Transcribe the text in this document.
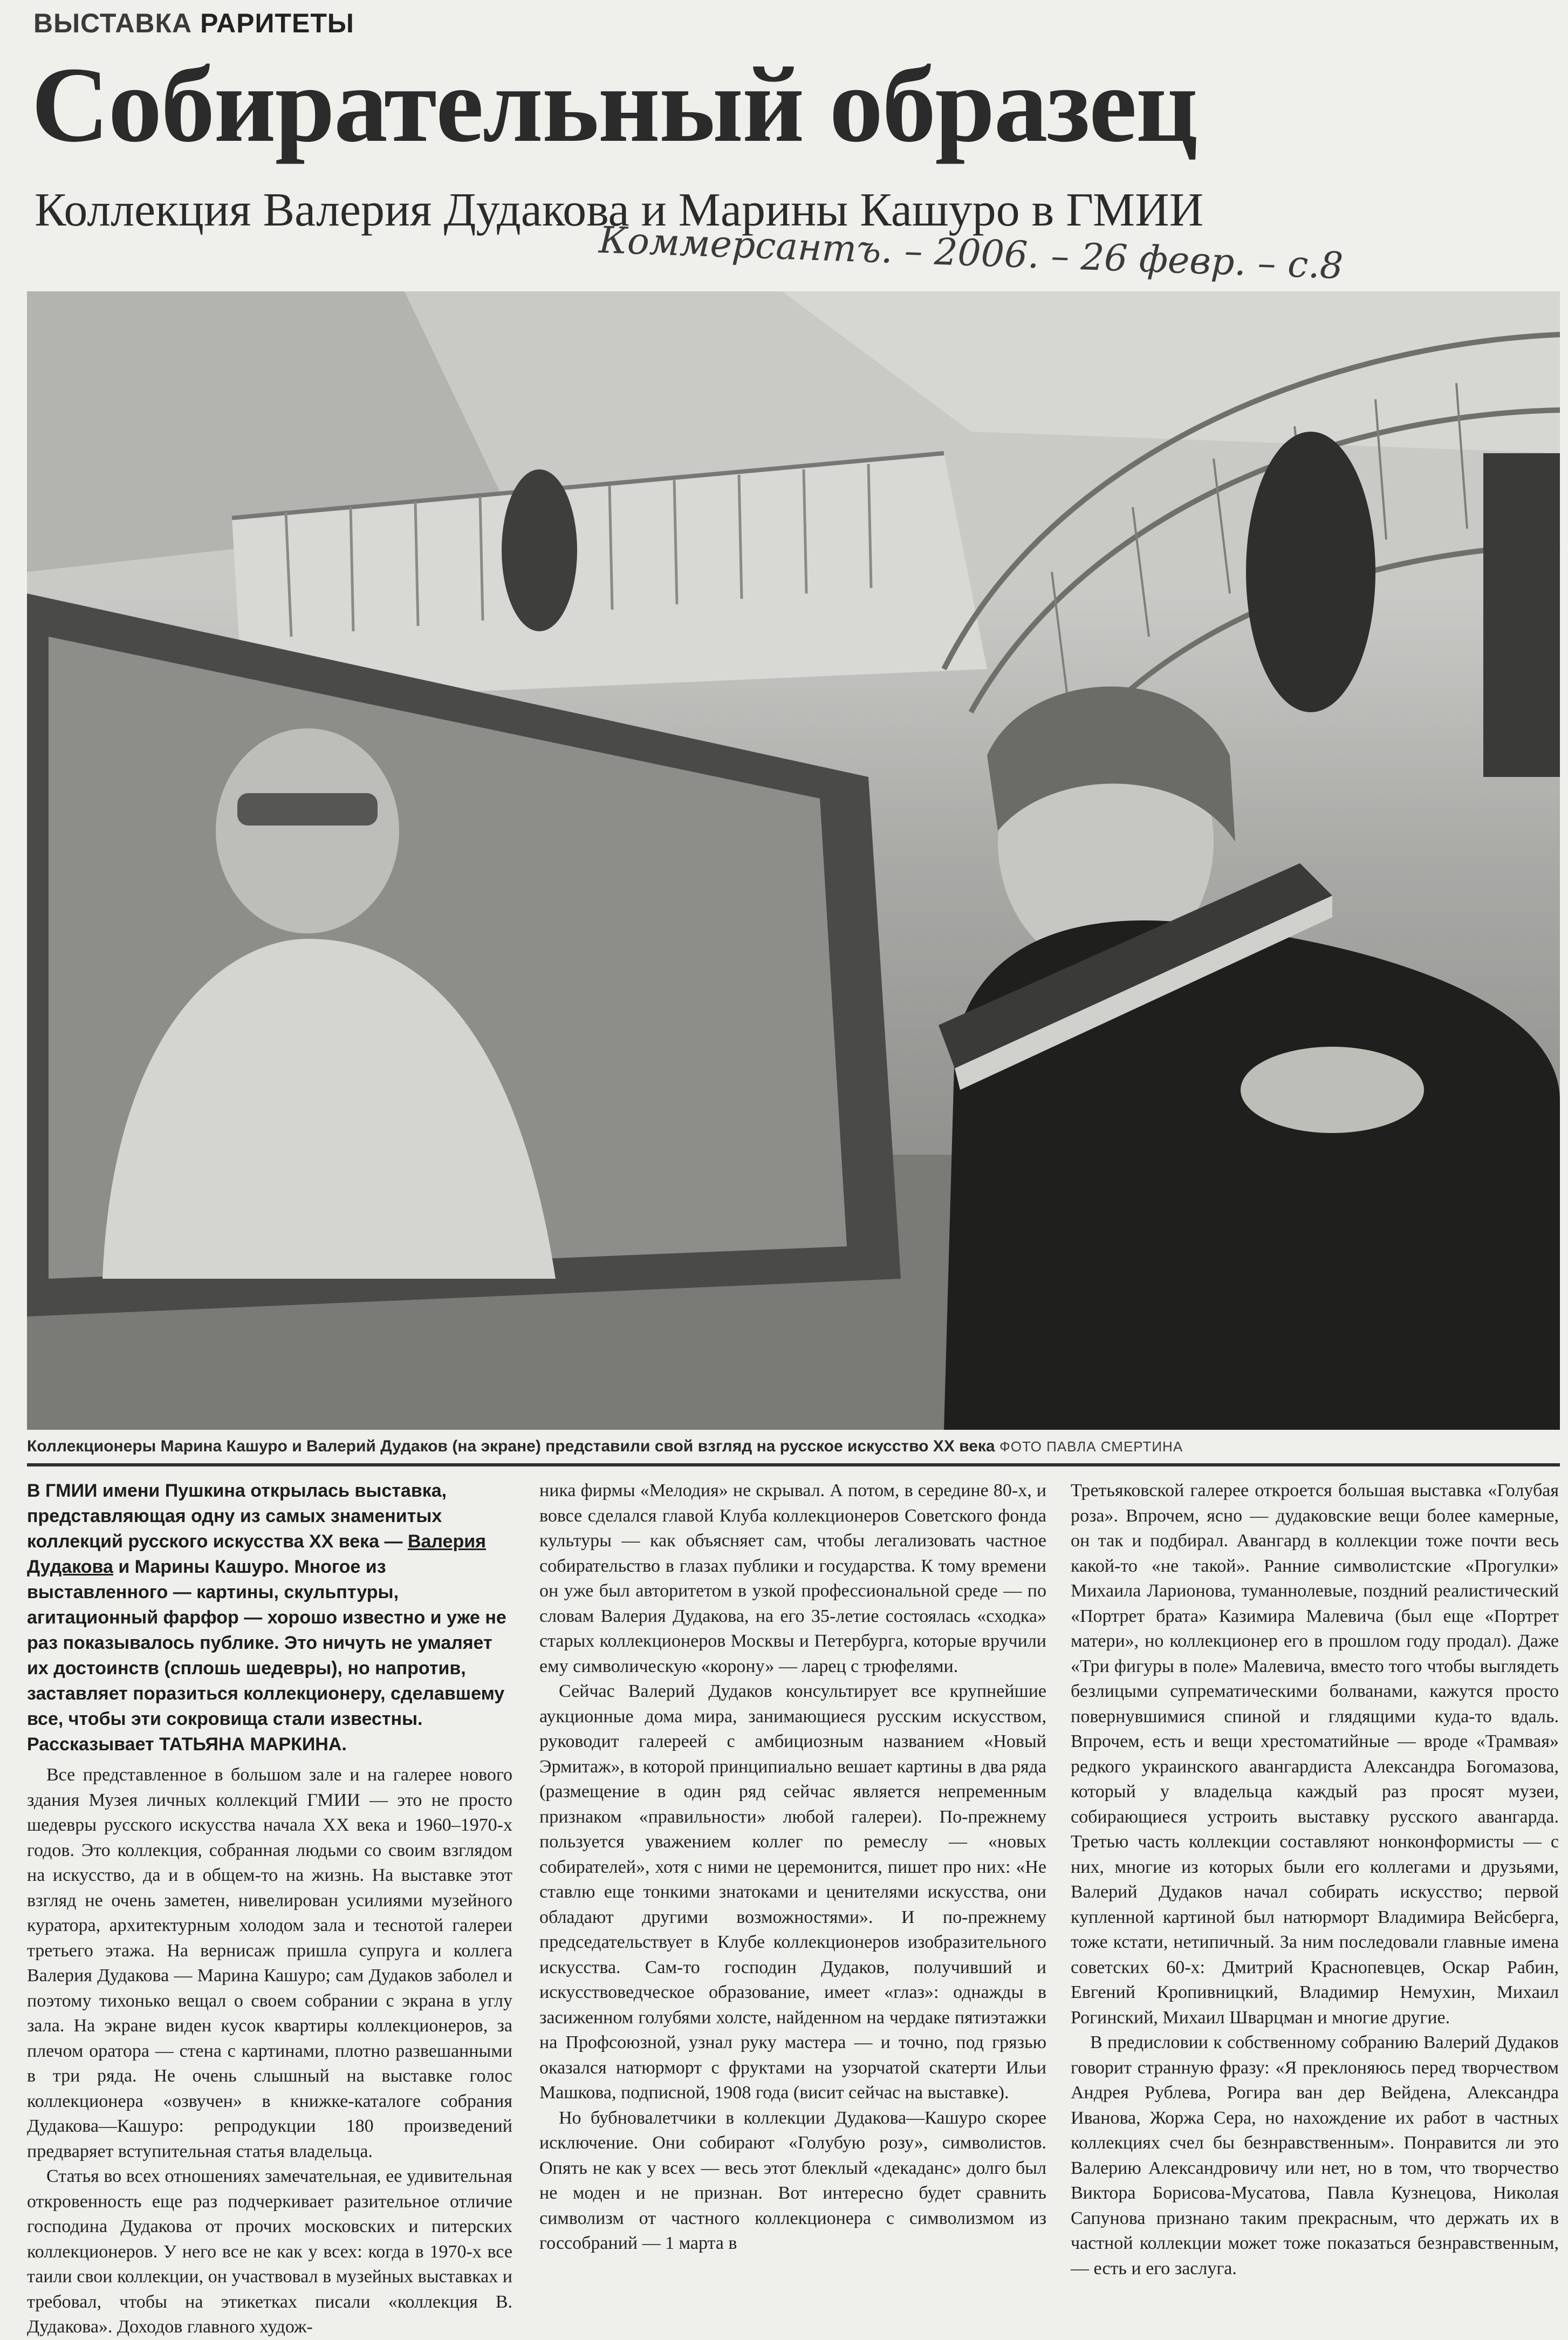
ВЫСТАВКА РАРИТЕТЫ
Собирательный образец
Коллекция Валерия Дудакова и Марины Кашуро в ГМИИ
Коммерсантъ. – 2006. – 26 февр. – с.8
Коллекционеры Марина Кашуро и Валерий Дудаков (на экране) представили свой взгляд на русское искусство XX века ФОТО ПАВЛА СМЕРТИНА
В ГМИИ имени Пушкина открылась выставка, представляющая одну из самых знаменитых коллекций русского искусства XX века — Валерия Дудакова и Марины Кашуро. Многое из выставленного — картины, скульптуры, агитационный фарфор — хорошо известно и уже не раз показывалось публике. Это ничуть не умаляет их достоинств (сплошь шедевры), но напротив, заставляет поразиться коллекционеру, сделавшему все, чтобы эти сокровища стали известны. Рассказывает ТАТЬЯНА МАРКИНА.

Все представленное в большом зале и на галерее нового здания Музея личных коллекций ГМИИ — это не просто шедевры русского искусства начала XX века и 1960–1970-х годов. Это коллекция, собранная людьми со своим взглядом на искусство, да и в общем-то на жизнь. На выставке этот взгляд не очень заметен, нивелирован усилиями музейного куратора, архитектурным холодом зала и теснотой галереи третьего этажа. На вернисаж пришла супруга и коллега Валерия Дудакова — Марина Кашуро; сам Дудаков заболел и поэтому тихонько вещал о своем собрании с экрана в углу зала. На экране виден кусок квартиры коллекционеров, за плечом оратора — стена с картинами, плотно развешанными в три ряда. Не очень слышный на выставке голос коллекционера «озвучен» в книжке-каталоге собрания Дудакова—Кашуро: репродукции 180 произведений предваряет вступительная статья владельца.

Статья во всех отношениях замечательная, ее удивительная откровенность еще раз подчеркивает разительное отличие господина Дудакова от прочих московских и питерских коллекционеров. У него все не как у всех: когда в 1970-х все таили свои коллекции, он участвовал в музейных выставках и требовал, чтобы на этикетках писали «коллекция В. Дудакова». Доходов главного худож-

ника фирмы «Мелодия» не скрывал. А потом, в середине 80-х, и вовсе сделался главой Клуба коллекционеров Советского фонда культуры — как объясняет сам, чтобы легализовать частное собирательство в глазах публики и государства. К тому времени он уже был авторитетом в узкой профессиональной среде — по словам Валерия Дудакова, на его 35-летие состоялась «сходка» старых коллекционеров Москвы и Петербурга, которые вручили ему символическую «корону» — ларец с трюфелями.

Сейчас Валерий Дудаков консультирует все крупнейшие аукционные дома мира, занимающиеся русским искусством, руководит галереей с амбициозным названием «Новый Эрмитаж», в которой принципиально вешает картины в два ряда (размещение в один ряд сейчас является непременным признаком «правильности» любой галереи). По-прежнему пользуется уважением коллег по ремеслу — «новых собирателей», хотя с ними не церемонится, пишет про них: «Не ставлю еще тонкими знатоками и ценителями искусства, они обладают другими возможностями». И по-прежнему председательствует в Клубе коллекционеров изобразительного искусства. Сам-то господин Дудаков, получивший и искусствоведческое образование, имеет «глаз»: однажды в засиженном голубями холсте, найденном на чердаке пятиэтажки на Профсоюзной, узнал руку мастера — и точно, под грязью оказался натюрморт с фруктами на узорчатой скатерти Ильи Машкова, подписной, 1908 года (висит сейчас на выставке).

Но бубновалетчики в коллекции Дудакова—Кашуро скорее исключение. Они собирают «Голубую розу», символистов. Опять не как у всех — весь этот блеклый «декаданс» долго был не моден и не признан. Вот интересно будет сравнить символизм от частного коллекционера с символизмом из госсобраний — 1 марта в

Третьяковской галерее откроется большая выставка «Голубая роза». Впрочем, ясно — дудаковские вещи более камерные, он так и подбирал. Авангард в коллекции тоже почти весь какой-то «не такой». Ранние символистские «Прогулки» Михаила Ларионова, туманнолевые, поздний реалистический «Портрет брата» Казимира Малевича (был еще «Портрет матери», но коллекционер его в прошлом году продал). Даже «Три фигуры в поле» Малевича, вместо того чтобы выглядеть безлицыми супрематическими болванами, кажутся просто повернувшимися спиной и глядящими куда-то вдаль. Впрочем, есть и вещи хрестоматийные — вроде «Трамвая» редкого украинского авангардиста Александра Богомазова, который у владельца каждый раз просят музеи, собирающиеся устроить выставку русского авангарда. Третью часть коллекции составляют нонконформисты — с них, многие из которых были его коллегами и друзьями, Валерий Дудаков начал собирать искусство; первой купленной картиной был натюрморт Владимира Вейсберга, тоже кстати, нетипичный. За ним последовали главные имена советских 60-х: Дмитрий Краснопевцев, Оскар Рабин, Евгений Кропивницкий, Владимир Немухин, Михаил Рогинский, Михаил Шварцман и многие другие.

В предисловии к собственному собранию Валерий Дудаков говорит странную фразу: «Я преклоняюсь перед творчеством Андрея Рублева, Рогира ван дер Вейдена, Александра Иванова, Жоржа Сера, но нахождение их работ в частных коллекциях счел бы безнравственным». Понравится ли это Валерию Александровичу или нет, но в том, что творчество Виктора Борисова-Мусатова, Павла Кузнецова, Николая Сапунова признано таким прекрасным, что держать их в частной коллекции может тоже показаться безнравственным, — есть и его заслуга.
